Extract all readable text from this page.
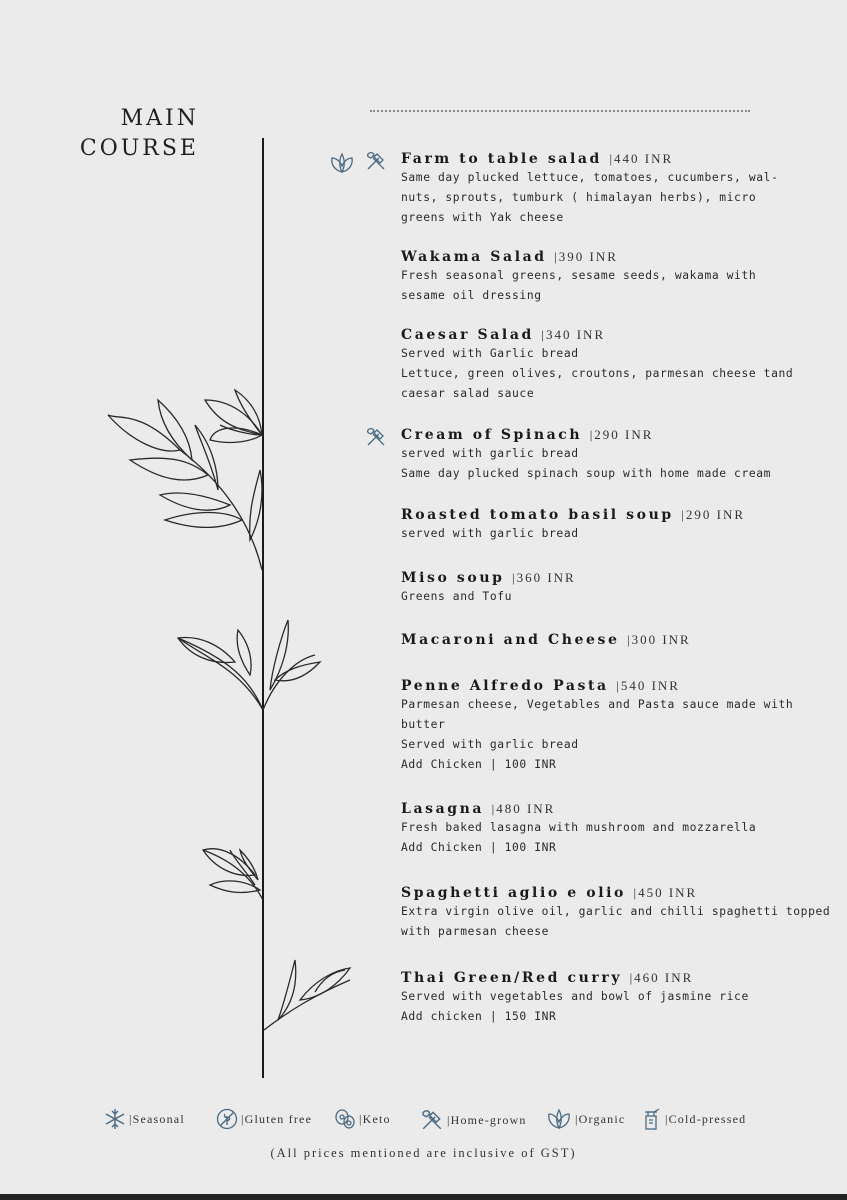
MAIN
COURSE	Farm to table salad |440 INR
Same day plucked lettuce, tomatoes, cucumbers, wal-
nuts, sprouts, tumburk ( himalayan herbs), micro
greens with Yak cheese
Wakama Salad |390 INR
Fresh seasonal greens, sesame seeds, wakama with
sesame oil dressing
Caesar Salad |340 INR
Served with Garlic bread
Lettuce, green olives, croutons, parmesan cheese tand
caesar salad sauce
Cream of Spinach |290 INR
served with garlic bread
Same day plucked spinach soup with home made cream
Roasted tomato basil soup |290 INR
served with garlic bread
Miso soup |360 INR
Greens and Tofu
Macaroni and Cheese |300 INR
Penne Alfredo Pasta |540 INR
Parmesan cheese, Vegetables and Pasta sauce made with
butter
Served with garlic bread
Add Chicken | 100 INR
Lasagna |480 INR
Fresh baked lasagna with mushroom and mozzarella
Add Chicken | 100 INR
Spaghetti aglio e olio |450 INR
Extra virgin olive oil, garlic and chilli spaghetti topped
with parmesan cheese
Thai Green/Red curry |460 INR
Served with vegetables and bowl of jasmine rice
Add chicken | 150 INR
|Seasonal	|Gluten free	|Keto	|Home-grown	|Organic	|Cold-pressed
(All prices mentioned are inclusive of GST)
